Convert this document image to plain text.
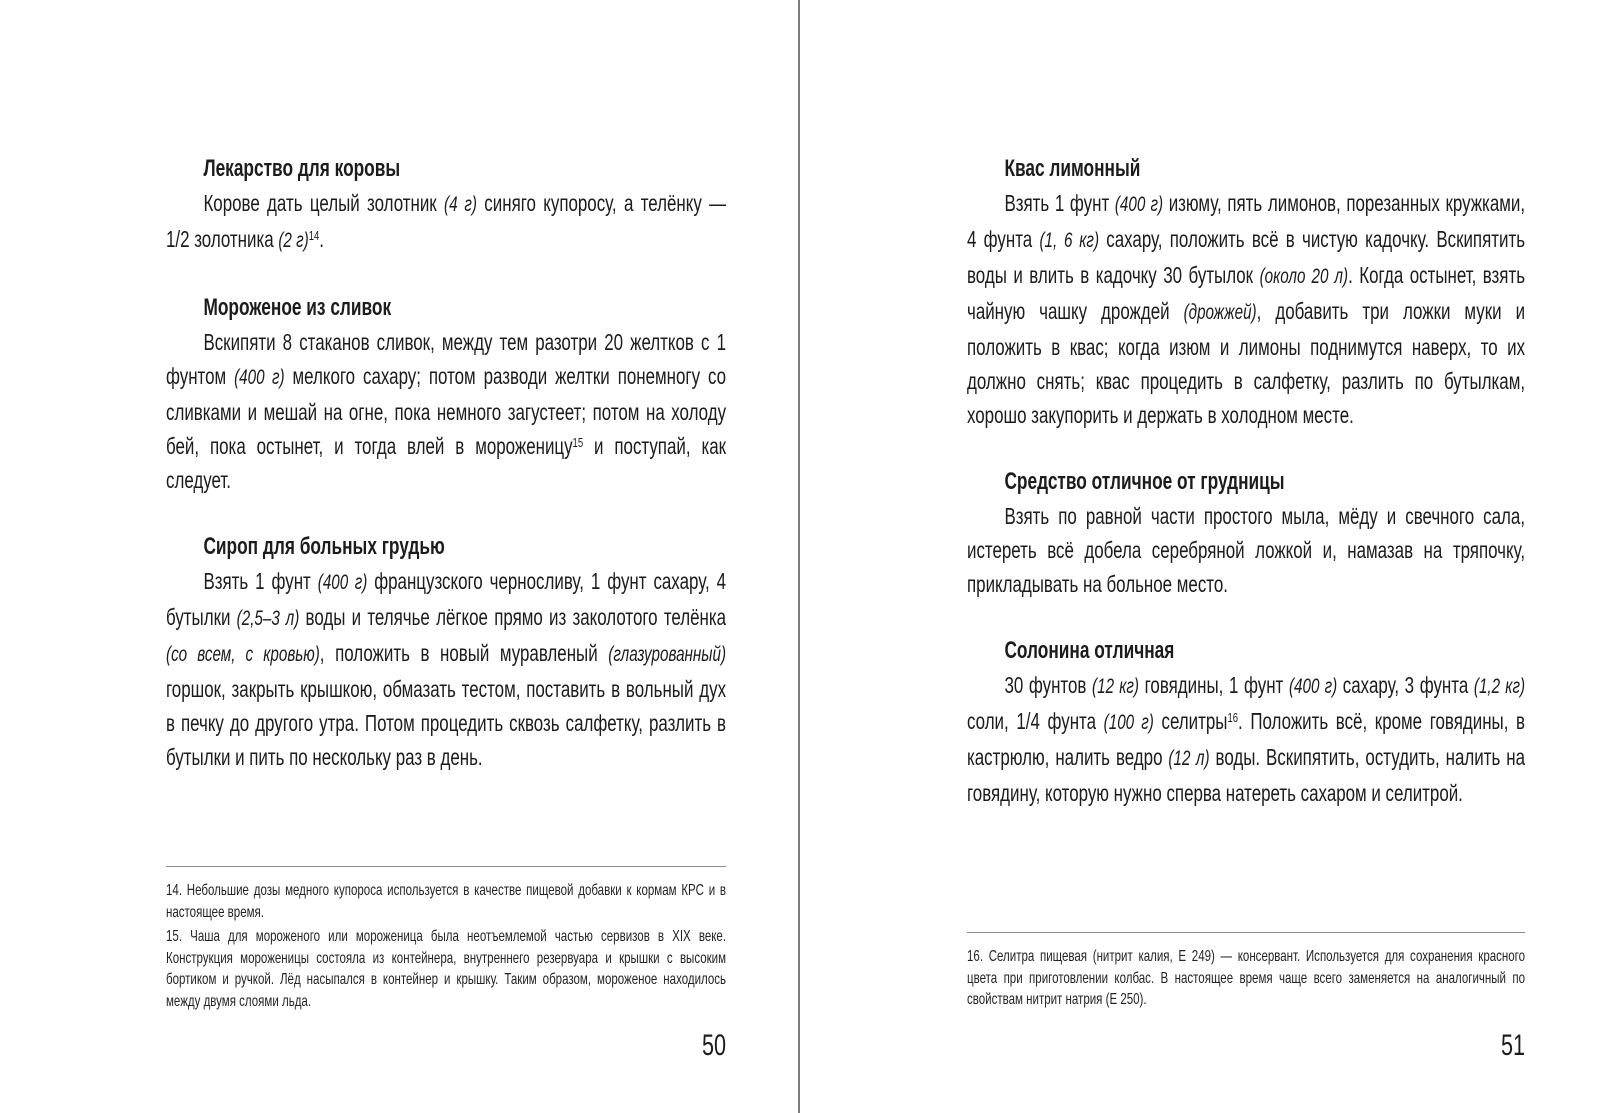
Лекарство для коровы

Корове дать целый золотник (4 г) синяго купоросу, а телёнку — 1/2 золотника (2 г)$^{14}$.

Мороженое из сливок

Вскипяти 8 стаканов сливок, между тем разотри 20 желтков с 1 фунтом (400 г) мелкого сахару; потом разводи желтки понемногу со сливками и мешай на огне, пока немного загустеет; потом на холоду бей, пока остынет, и тогда влей в мороженицу$^{15}$ и поступай, как следует.

Сироп для больных грудью

Взять 1 фунт (400 г) французского черносливу, 1 фунт сахару, 4 бутылки (2,5–3 л) воды и телячье лёгкое прямо из заколотого телёнка (со всем, с кровью), положить в новый муравленый (глазурованный) горшок, закрыть крышкою, обмазать тестом, поставить в вольный дух в печку до другого утра. Потом процедить сквозь салфетку, разлить в бутылки и пить по нескольку раз в день.

14. Небольшие дозы медного купороса используется в качестве пищевой добавки к кормам КРС и в настоящее время.

15. Чаша для мороженого или мороженица была неотъемлемой частью сервизов в XIX веке. Конструкция мороженицы состояла из контейнера, внутреннего резервуара и крышки с высоким бортиком и ручкой. Лёд насыпался в контейнер и крышку. Таким образом, мороженое находилось между двумя слоями льда.

50
Квас лимонный

Взять 1 фунт (400 г) изюму, пять лимонов, порезанных кружками, 4 фунта (1, 6 кг) сахару, положить всё в чистую кадочку. Вскипятить воды и влить в кадочку 30 бутылок (около 20 л). Когда остынет, взять чайную чашку дрождей (дрожжей), добавить три ложки муки и положить в квас; когда изюм и лимоны поднимутся наверх, то их должно снять; квас процедить в салфетку, разлить по бутылкам, хорошо закупорить и держать в холодном месте.

Средство отличное от грудницы

Взять по равной части простого мыла, мёду и свечного сала, истереть всё добела серебряной ложкой и, намазав на тряпочку, прикладывать на больное место.

Солонина отличная

30 фунтов (12 кг) говядины, 1 фунт (400 г) сахару, 3 фунта (1,2 кг) соли, 1/4 фунта (100 г) селитры$^{16}$. Положить всё, кроме говядины, в кастрюлю, налить ведро (12 л) воды. Вскипятить, остудить, налить на говядину, которую нужно сперва натереть сахаром и селитрой.

16. Селитра пищевая (нитрит калия, Е 249) — консервант. Используется для сохранения красного цвета при приготовлении колбас. В настоящее время чаще всего заменяется на аналогичный по свойствам нитрит натрия (Е 250).

51
